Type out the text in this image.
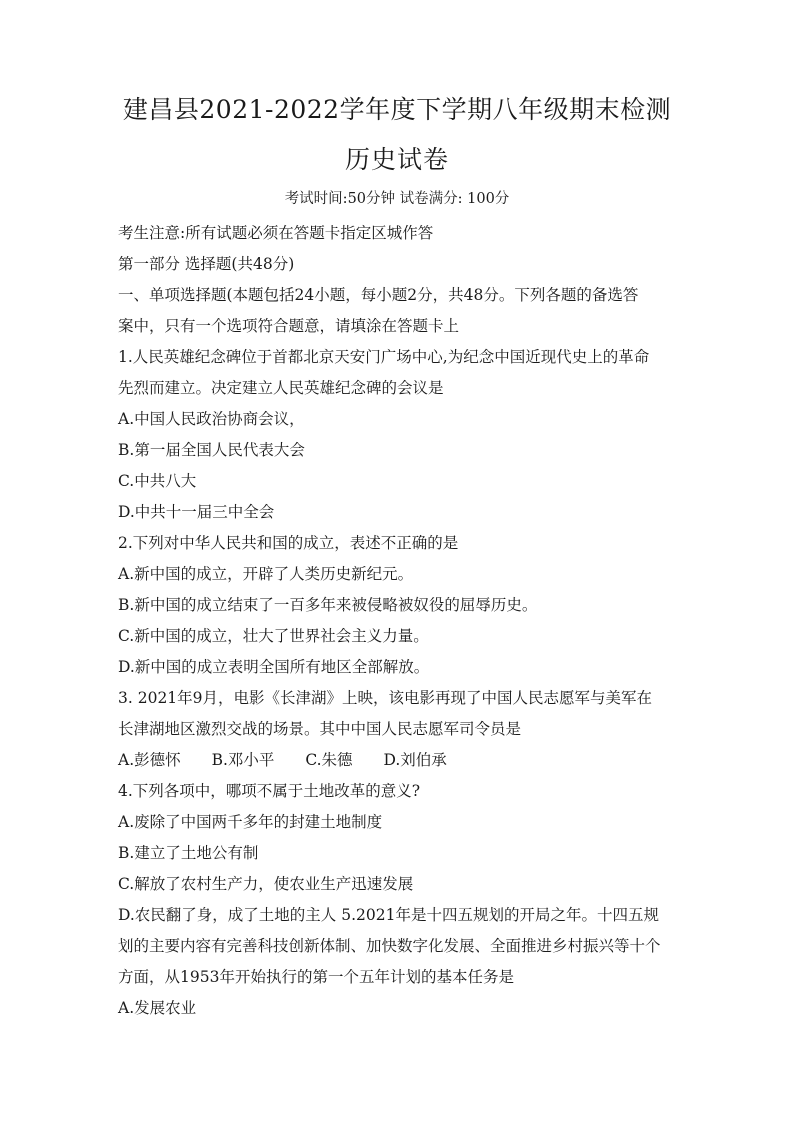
建昌县2021-2022学年度下学期八年级期末检测
历史试卷
考试时间:50分钟 试卷满分: 100分
考生注意:所有试题必须在答题卡指定区城作答
第一部分 选择题(共48分)
一、单项选择题(本题包括24小题，每小题2分，共48分。下列各题的备选答
案中，只有一个选项符合题意，请填涂在答题卡上
1.人民英雄纪念碑位于首都北京天安门广场中心,为纪念中国近现代史上的革命
先烈而建立。决定建立人民英雄纪念碑的会议是
A.中国人民政治协商会议，
B.第一届全国人民代表大会
C.中共八大
D.中共十一届三中全会
2.下列对中华人民共和国的成立，表述不正确的是
A.新中国的成立，开辟了人类历史新纪元。
B.新中国的成立结束了一百多年来被侵略被奴役的屈辱历史。
C.新中国的成立，壮大了世界社会主义力量。
D.新中国的成立表明全国所有地区全部解放。
3. 2021年9月，电影《长津湖》上映，该电影再现了中国人民志愿军与美军在
长津湖地区激烈交战的场景。其中中国人民志愿军司令员是
A.彭德怀 B.邓小平 C.朱德 D.刘伯承
4.下列各项中，哪项不属于土地改革的意义?
A.废除了中国两千多年的封建土地制度
B.建立了土地公有制
C.解放了农村生产力，使农业生产迅速发展
D.农民翻了身，成了土地的主人 5.2021年是十四五规划的开局之年。十四五规
划的主要内容有完善科技创新体制、加快数字化发展、全面推进乡村振兴等十个
方面，从1953年开始执行的第一个五年计划的基本任务是
A.发展农业
